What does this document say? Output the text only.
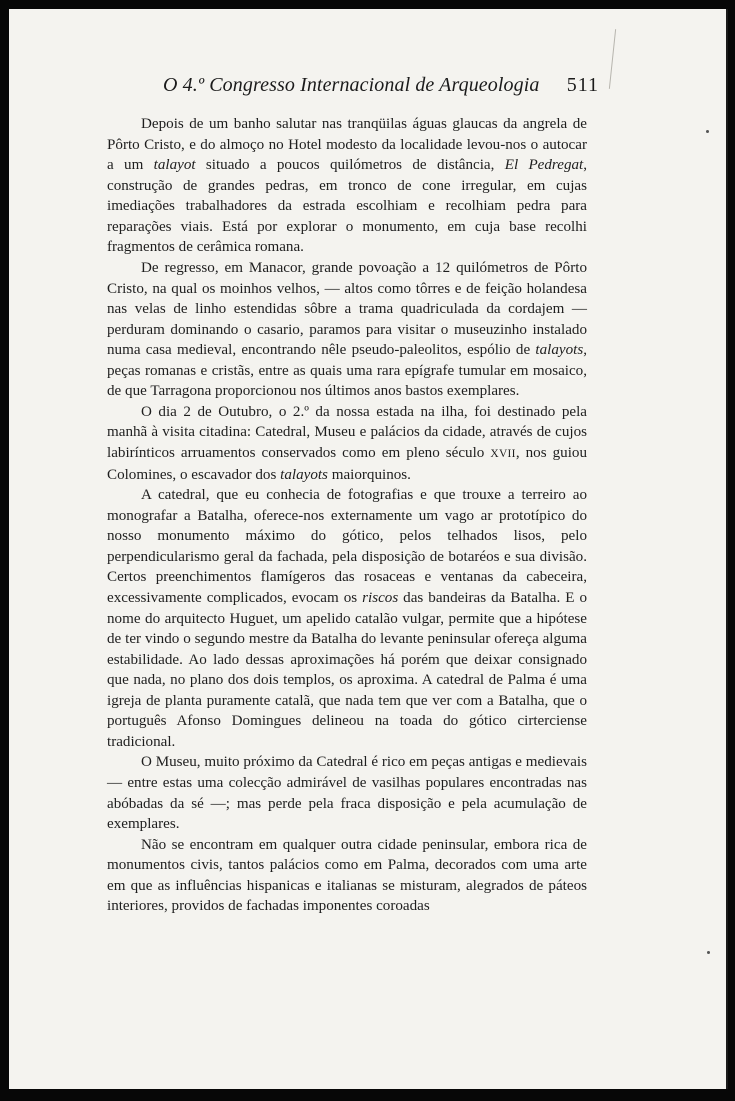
O 4.º Congresso Internacional de Arqueologia 511

Depois de um banho salutar nas tranqüilas águas glaucas da angrela de Pôrto Cristo, e do almoço no Hotel modesto da localidade levou-nos o autocar a um talayot situado a poucos quilómetros de distância, El Pedregat, construção de grandes pedras, em tronco de cone irregular, em cujas imediações trabalhadores da estrada escolhiam e recolhiam pedra para reparações viais. Está por explorar o monumento, em cuja base recolhi fragmentos de cerâmica romana.

De regresso, em Manacor, grande povoação a 12 quilómetros de Pôrto Cristo, na qual os moinhos velhos, — altos como tôrres e de feição holandesa nas velas de linho estendidas sôbre a trama quadriculada da cordajem — perduram dominando o casario, paramos para visitar o museuzinho instalado numa casa medieval, encontrando nêle pseudo-paleolitos, espólio de talayots, peças romanas e cristãs, entre as quais uma rara epígrafe tumular em mosaico, de que Tarragona proporcionou nos últimos anos bastos exemplares.

O dia 2 de Outubro, o 2.º da nossa estada na ilha, foi destinado pela manhã à visita citadina: Catedral, Museu e palácios da cidade, através de cujos labirínticos arruamentos conservados como em pleno século XVII, nos guiou Colomines, o escavador dos talayots maiorquinos.

A catedral, que eu conhecia de fotografias e que trouxe a terreiro ao monografar a Batalha, oferece-nos externamente um vago ar prototípico do nosso monumento máximo do gótico, pelos telhados lisos, pelo perpendicularismo geral da fachada, pela disposição de botaréos e sua divisão. Certos preenchimentos flamígeros das rosaceas e ventanas da cabeceira, excessivamente complicados, evocam os riscos das bandeiras da Batalha. E o nome do arquitecto Huguet, um apelido catalão vulgar, permite que a hipótese de ter vindo o segundo mestre da Batalha do levante peninsular ofereça alguma estabilidade. Ao lado dessas aproximações há porém que deixar consignado que nada, no plano dos dois templos, os aproxima. A catedral de Palma é uma igreja de planta puramente catalã, que nada tem que ver com a Batalha, que o português Afonso Domingues delineou na toada do gótico cirterciense tradicional.

O Museu, muito próximo da Catedral é rico em peças antigas e medievais — entre estas uma colecção admirável de vasilhas populares encontradas nas abóbadas da sé —; mas perde pela fraca disposição e pela acumulação de exemplares.

Não se encontram em qualquer outra cidade peninsular, embora rica de monumentos civis, tantos palácios como em Palma, decorados com uma arte em que as influências hispanicas e italianas se misturam, alegrados de páteos interiores, providos de fachadas imponentes coroadas
